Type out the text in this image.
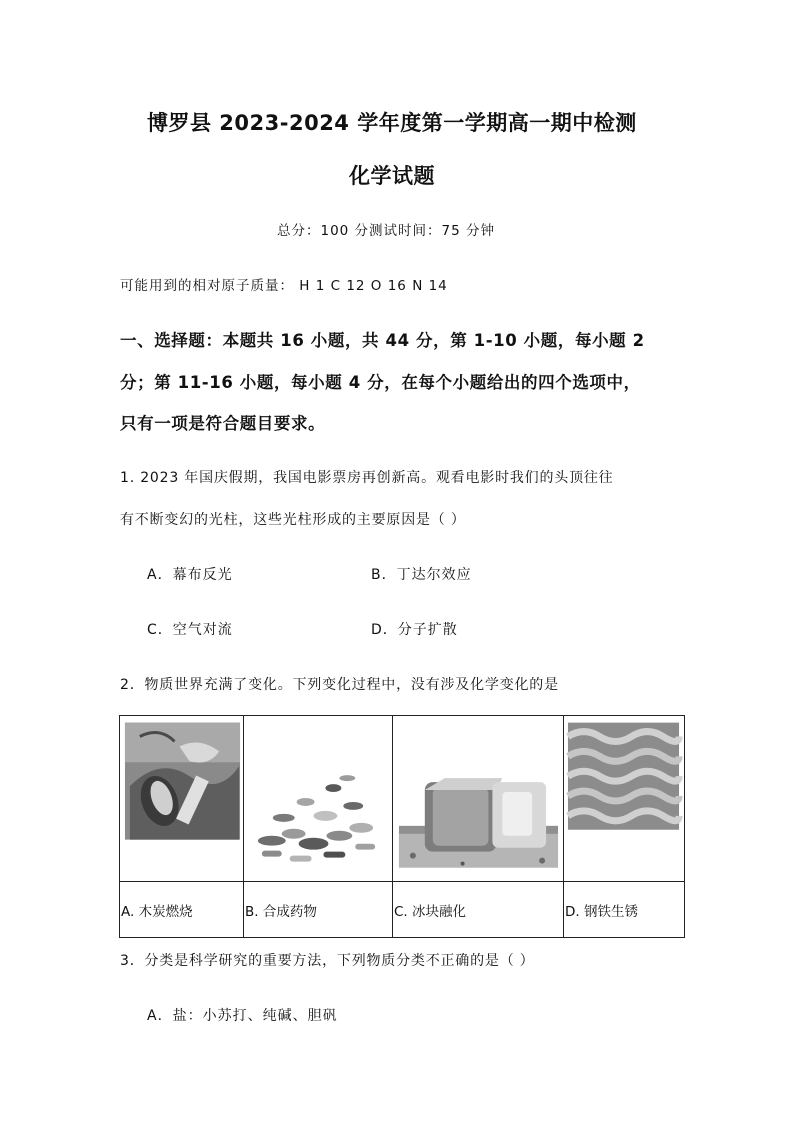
博罗县 2023-2024 学年度第一学期高一期中检测
化学试题
总分：100 分测试时间：75 分钟
可能用到的相对原子质量： H 1 C 12 O 16 N 14
一、选择题：本题共 16 小题，共 44 分，第 1-10 小题，每小题 2
分；第 11-16 小题，每小题 4 分，在每个小题给出的四个选项中，
只有一项是符合题目要求。
1. 2023 年国庆假期，我国电影票房再创新高。观看电影时我们的头顶往往
有不断变幻的光柱，这些光柱形成的主要原因是（ ）
A．幕布反光	B．丁达尔效应
C．空气对流	D．分子扩散
2．物质世界充满了变化。下列变化过程中，没有涉及化学变化的是

A. 木炭燃烧	B. 合成药物	C. 冰块融化	D. 钢铁生锈
3．分类是科学研究的重要方法，下列物质分类不正确的是（ ）
A．盐：小苏打、纯碱、胆矾
